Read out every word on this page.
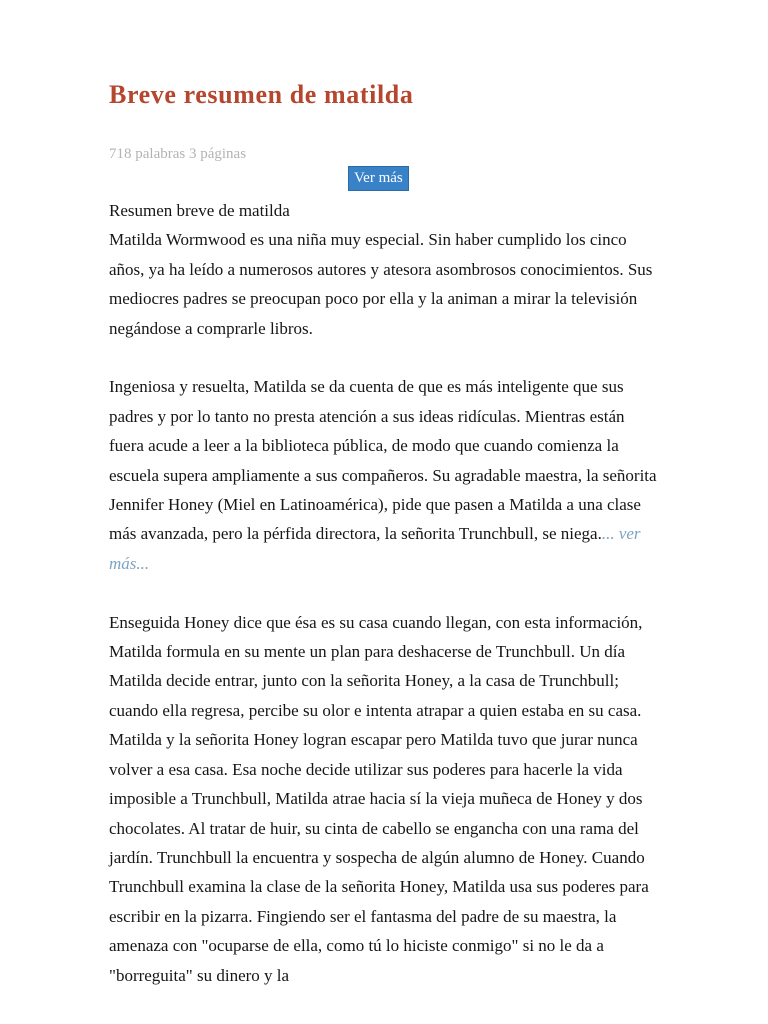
Breve resumen de matilda
718 palabras 3 páginas
Ver más

Resumen breve de matilda

Matilda Wormwood es una niña muy especial. Sin haber cumplido los cinco años, ya ha leído a numerosos autores y atesora asombrosos conocimientos. Sus mediocres padres se preocupan poco por ella y la animan a mirar la televisión negándose a comprarle libros.

Ingeniosa y resuelta, Matilda se da cuenta de que es más inteligente que sus padres y por lo tanto no presta atención a sus ideas ridículas. Mientras están fuera acude a leer a la biblioteca pública, de modo que cuando comienza la escuela supera ampliamente a sus compañeros. Su agradable maestra, la señorita Jennifer Honey (Miel en Latinoamérica), pide que pasen a Matilda a una clase más avanzada, pero la pérfida directora, la señorita Trunchbull, se niega.... ver más...

Enseguida Honey dice que ésa es su casa cuando llegan, con esta información, Matilda formula en su mente un plan para deshacerse de Trunchbull. Un día Matilda decide entrar, junto con la señorita Honey, a la casa de Trunchbull; cuando ella regresa, percibe su olor e intenta atrapar a quien estaba en su casa. Matilda y la señorita Honey logran escapar pero Matilda tuvo que jurar nunca volver a esa casa. Esa noche decide utilizar sus poderes para hacerle la vida imposible a Trunchbull, Matilda atrae hacia sí la vieja muñeca de Honey y dos chocolates. Al tratar de huir, su cinta de cabello se engancha con una rama del jardín. Trunchbull la encuentra y sospecha de algún alumno de Honey. Cuando Trunchbull examina la clase de la señorita Honey, Matilda usa sus poderes para escribir en la pizarra. Fingiendo ser el fantasma del padre de su maestra, la amenaza con "ocuparse de ella, como tú lo hiciste conmigo" si no le da a "borreguita" su dinero y la
